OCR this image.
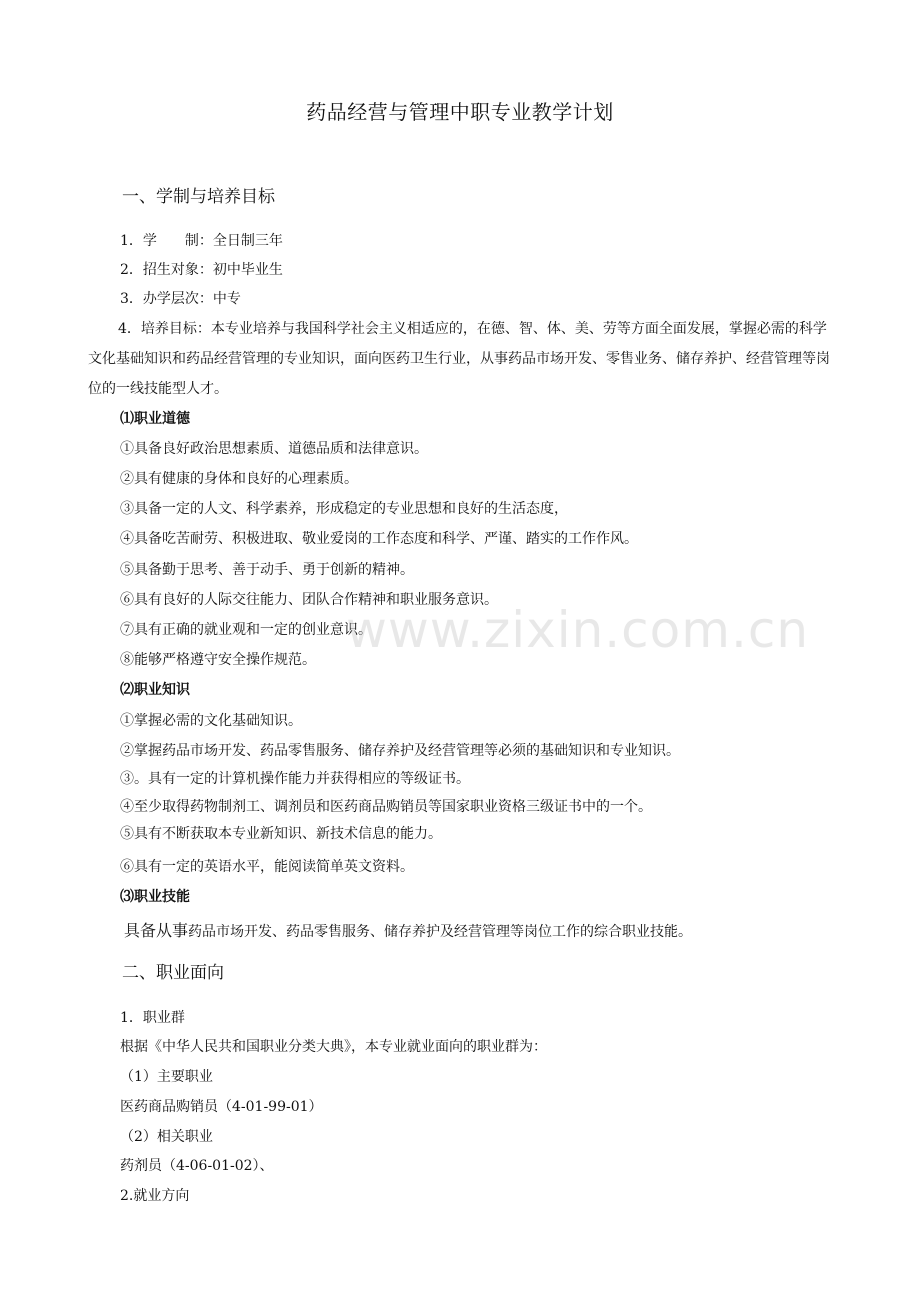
药品经营与管理中职专业教学计划
一、学制与培养目标
1．学　　制：全日制三年
2．招生对象：初中毕业生
3．办学层次：中专
4．培养目标：本专业培养与我国科学社会主义相适应的，在德、智、体、美、劳等方面全面发展，掌握必需的科学文化基础知识和药品经营管理的专业知识，面向医药卫生行业，从事药品市场开发、零售业务、储存养护、经营管理等岗位的一线技能型人才。
⑴职业道德
①具备良好政治思想素质、道德品质和法律意识。
②具有健康的身体和良好的心理素质。
③具备一定的人文、科学素养，形成稳定的专业思想和良好的生活态度，
④具备吃苦耐劳、积极进取、敬业爱岗的工作态度和科学、严谨、踏实的工作作风。
⑤具备勤于思考、善于动手、勇于创新的精神。
⑥具有良好的人际交往能力、团队合作精神和职业服务意识。
⑦具有正确的就业观和一定的创业意识。
⑧能够严格遵守安全操作规范。
⑵职业知识
➀掌握必需的文化基础知识。
➁掌握药品市场开发、药品零售服务、储存养护及经营管理等必须的基础知识和专业知识。
➂。具有一定的计算机操作能力并获得相应的等级证书。
➃至少取得药物制剂工、调剂员和医药商品购销员等国家职业资格三级证书中的一个。
➄具有不断获取本专业新知识、新技术信息的能力。
➅具有一定的英语水平，能阅读简单英文资料。
⑶职业技能
具备从事药品市场开发、药品零售服务、储存养护及经营管理等岗位工作的综合职业技能。
二、职业面向
1．职业群
根据《中华人民共和国职业分类大典》，本专业就业面向的职业群为：
（1）主要职业
医药商品购销员（4-01-99-01）
（2）相关职业
药剂员（4-06-01-02）、
2.就业方向
www.zixin.com.cn
